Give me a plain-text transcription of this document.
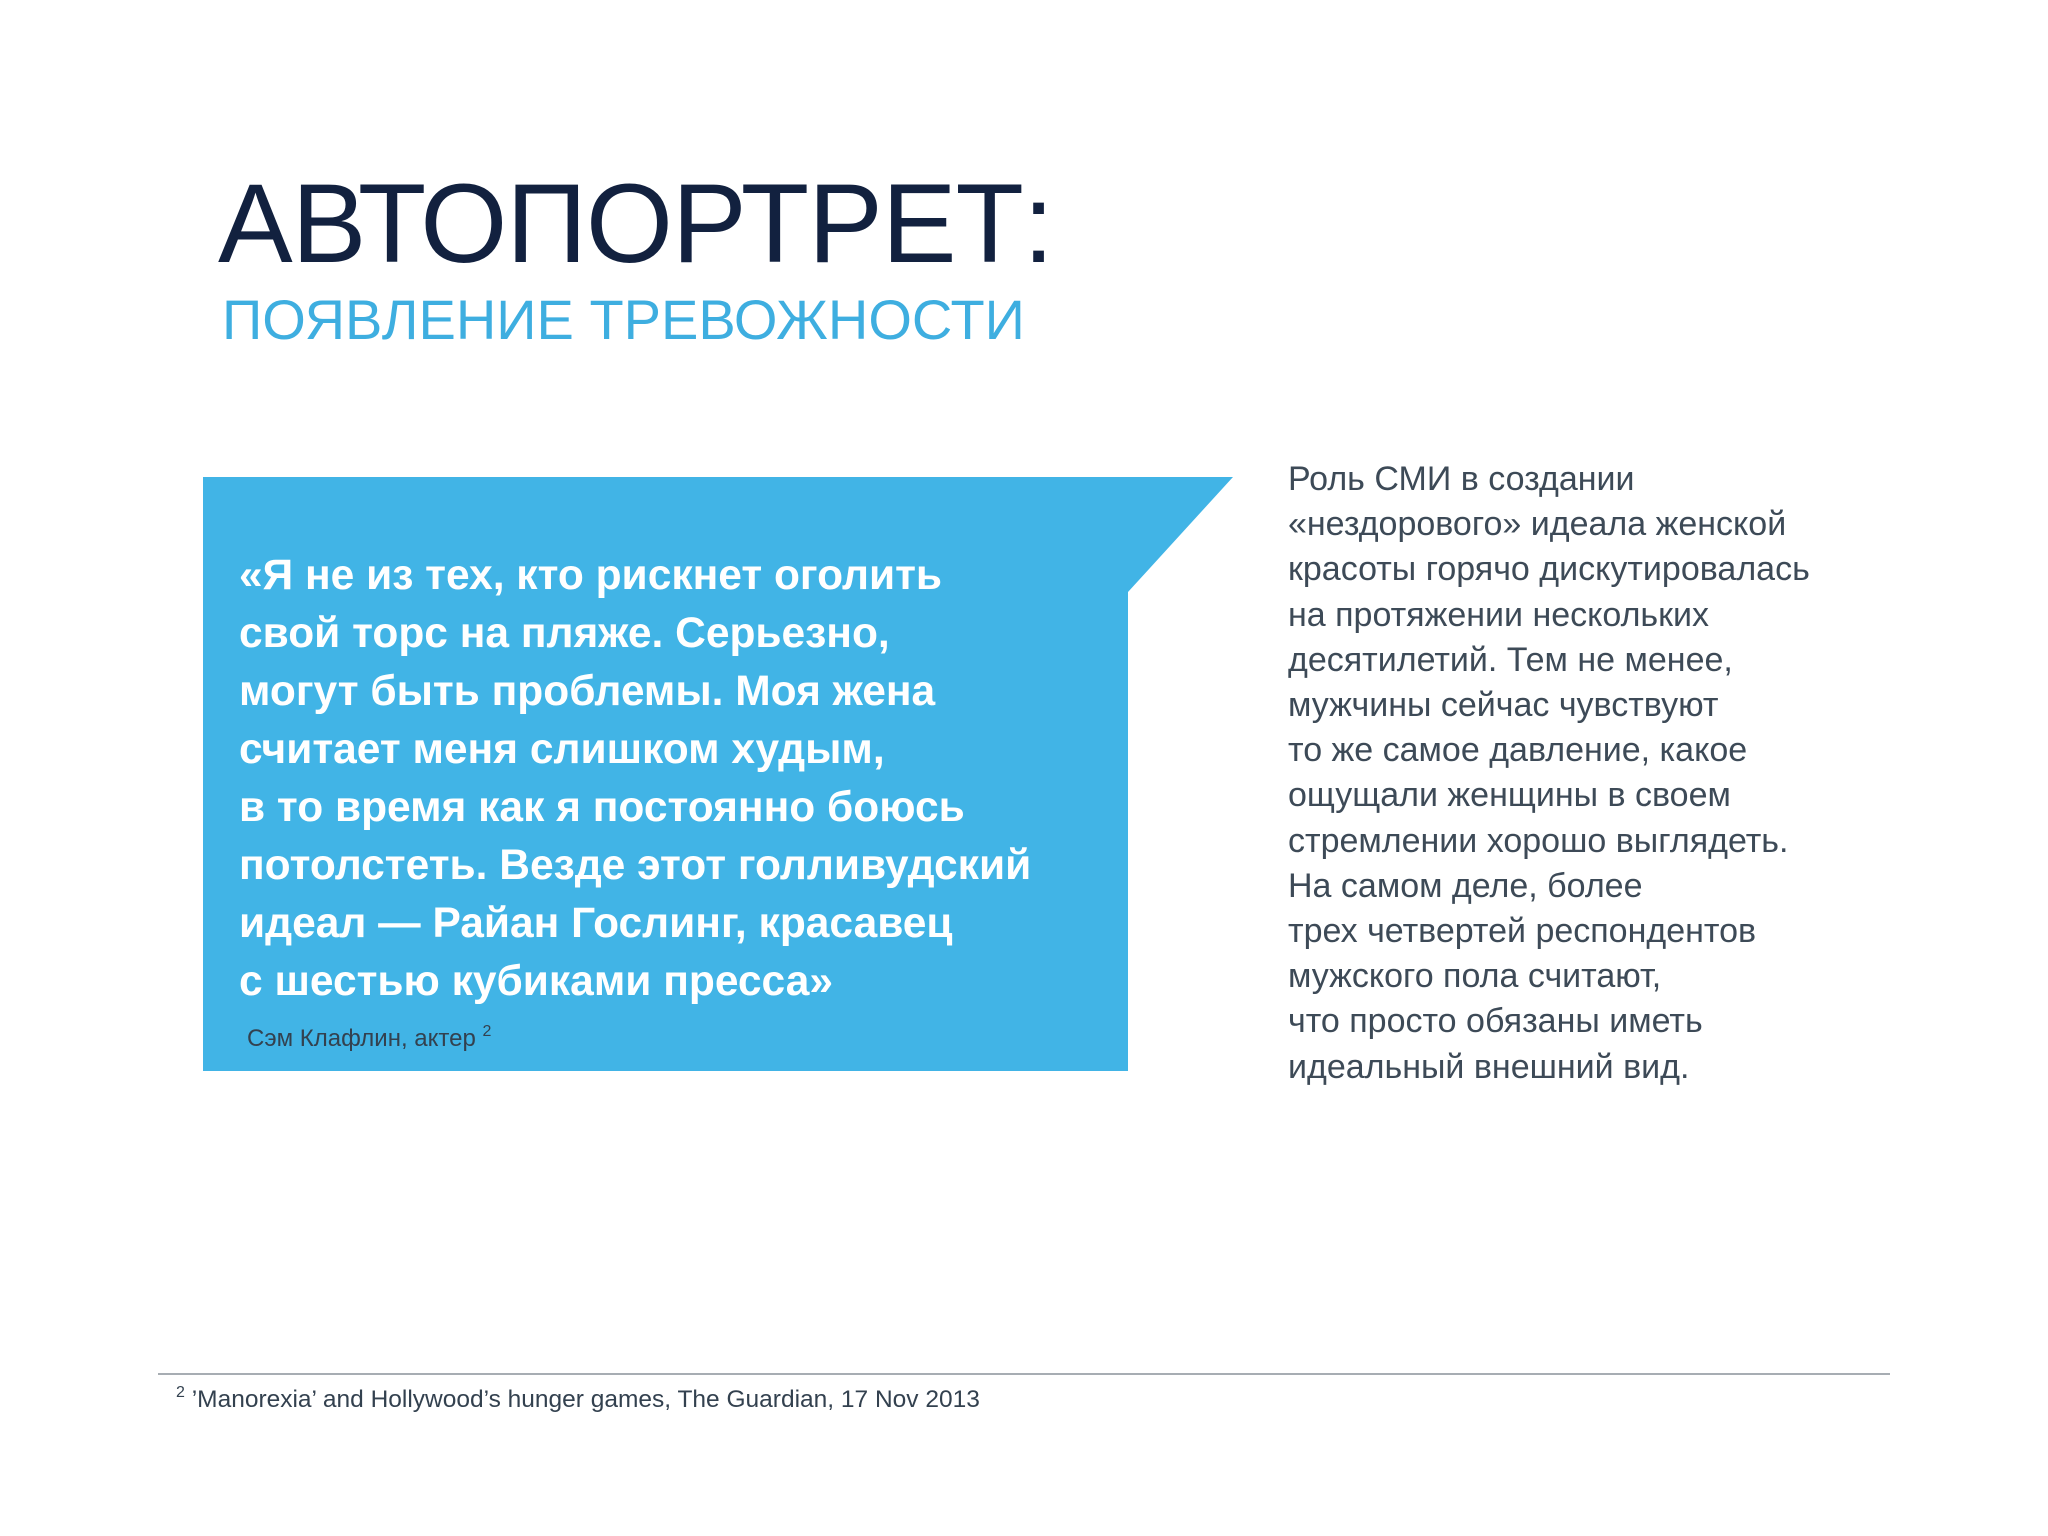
АВТОПОРТРЕТ:
ПОЯВЛЕНИЕ ТРЕВОЖНОСТИ

«Я не из тех, кто рискнет оголить
свой торс на пляже. Серьезно,
могут быть проблемы. Моя жена
считает меня слишком худым,
в то время как я постоянно боюсь
потолстеть. Везде этот голливудский
идеал — Райан Гослинг, красавец
с шестью кубиками пресса»

Сэм Клафлин, актер $^2$

Роль СМИ в создании
«нездорового» идеала женской
красоты горячо дискутировалась
на протяжении нескольких
десятилетий. Тем не менее,
мужчины сейчас чувствуют
то же самое давление, какое
ощущали женщины в своем
стремлении хорошо выглядеть.
На самом деле, более
трех четвертей респондентов
мужского пола считают,
что просто обязаны иметь
идеальный внешний вид.

$^2$ ’Manorexia’ and Hollywood’s hunger games, The Guardian, 17 Nov 2013
